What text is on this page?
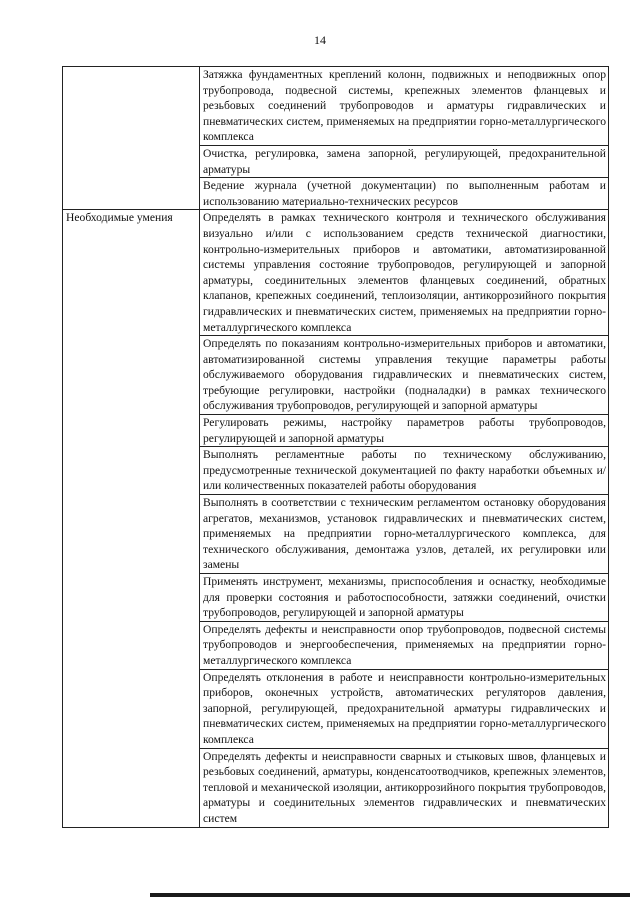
14
	Затяжка фундаментных креплений колонн, подвижных и неподвижных опор трубопровода, подвесной системы, крепежных элементов фланцевых и резьбовых соединений трубопроводов и арматуры гидравлических и пневматических систем, применяемых на предприятии горно-металлургического комплекса
	Очистка, регулировка, замена запорной, регулирующей, предохранительной арматуры
	Ведение журнала (учетной документации) по выполненным работам и использованию материально-технических ресурсов
Необходимые умения	Определять в рамках технического контроля и технического обслуживания визуально и/или с использованием средств технической диагностики, контрольно-измерительных приборов и автоматики, автоматизированной системы управления состояние трубопроводов, регулирующей и запорной арматуры, соединительных элементов фланцевых соединений, обратных клапанов, крепежных соединений, теплоизоляции, антикоррозийного покрытия гидравлических и пневматических систем, применяемых на предприятии горно-металлургического комплекса
	Определять по показаниям контрольно-измерительных приборов и автоматики, автоматизированной системы управления текущие параметры работы обслуживаемого оборудования гидравлических и пневматических систем, требующие регулировки, настройки (подналадки) в рамках технического обслуживания трубопроводов, регулирующей и запорной арматуры
	Регулировать режимы, настройку параметров работы трубопроводов, регулирующей и запорной арматуры
	Выполнять регламентные работы по техническому обслуживанию, предусмотренные технической документацией по факту наработки объемных и/или количественных показателей работы оборудования
	Выполнять в соответствии с техническим регламентом остановку оборудования агрегатов, механизмов, установок гидравлических и пневматических систем, применяемых на предприятии горно-металлургического комплекса, для технического обслуживания, демонтажа узлов, деталей, их регулировки или замены
	Применять инструмент, механизмы, приспособления и оснастку, необходимые для проверки состояния и работоспособности, затяжки соединений, очистки трубопроводов, регулирующей и запорной арматуры
	Определять дефекты и неисправности опор трубопроводов, подвесной системы трубопроводов и энергообеспечения, применяемых на предприятии горно-металлургического комплекса
	Определять отклонения в работе и неисправности контрольно-измерительных приборов, оконечных устройств, автоматических регуляторов давления, запорной, регулирующей, предохранительной арматуры гидравлических и пневматических систем, применяемых на предприятии горно-металлургического комплекса
	Определять дефекты и неисправности сварных и стыковых швов, фланцевых и резьбовых соединений, арматуры, конденсатоотводчиков, крепежных элементов, тепловой и механической изоляции, антикоррозийного покрытия трубопроводов, арматуры и соединительных элементов гидравлических и пневматических систем
